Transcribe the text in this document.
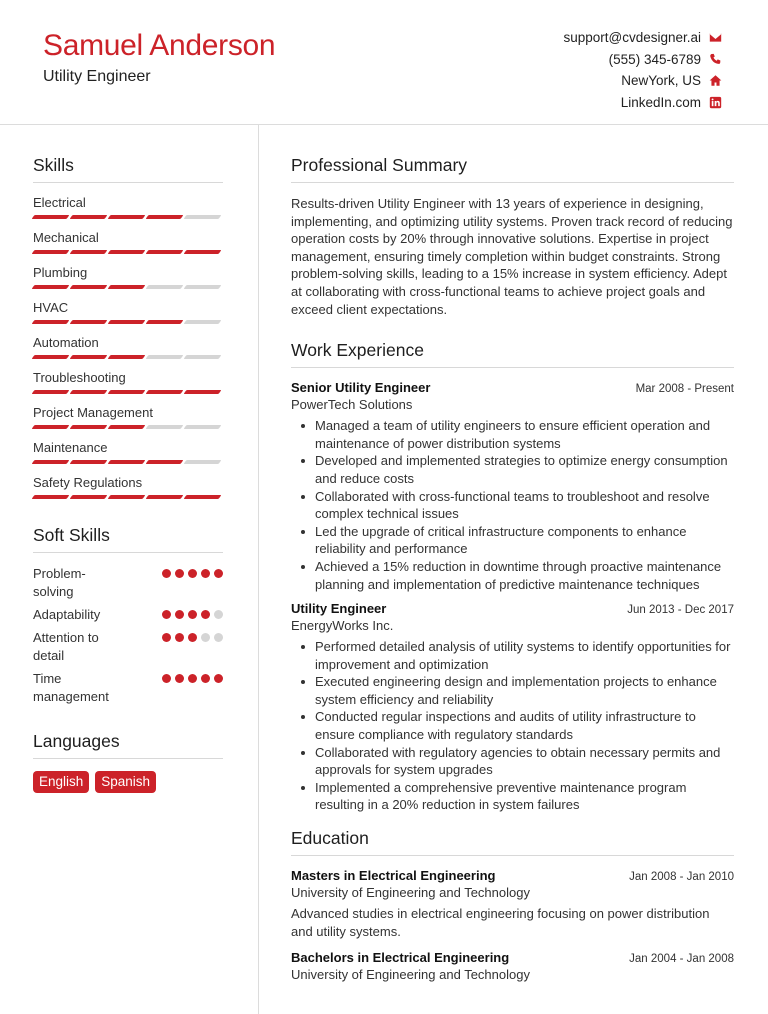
Samuel Anderson
Utility Engineer
support@cvdesigner.ai
(555) 345-6789
NewYork, US
LinkedIn.com
Skills
Electrical
Mechanical
Plumbing
HVAC
Automation
Troubleshooting
Project Management
Maintenance
Safety Regulations
Soft Skills
Problem-solving
Adaptability
Attention to detail
Time management
Languages
English	Spanish
Professional Summary

Results-driven Utility Engineer with 13 years of experience in designing, implementing, and optimizing utility systems. Proven track record of reducing operation costs by 20% through innovative solutions. Expertise in project management, ensuring timely completion within budget constraints. Strong problem-solving skills, leading to a 15% increase in system efficiency. Adept at collaborating with cross-functional teams to achieve project goals and exceed client expectations.

Work Experience
Senior Utility Engineer	Mar 2008 - Present
PowerTech Solutions
Managed a team of utility engineers to ensure efficient operation and maintenance of power distribution systems
Developed and implemented strategies to optimize energy consumption and reduce costs
Collaborated with cross-functional teams to troubleshoot and resolve complex technical issues
Led the upgrade of critical infrastructure components to enhance reliability and performance
Achieved a 15% reduction in downtime through proactive maintenance planning and implementation of predictive maintenance techniques
Utility Engineer	Jun 2013 - Dec 2017
EnergyWorks Inc.
Performed detailed analysis of utility systems to identify opportunities for improvement and optimization
Executed engineering design and implementation projects to enhance system efficiency and reliability
Conducted regular inspections and audits of utility infrastructure to ensure compliance with regulatory standards
Collaborated with regulatory agencies to obtain necessary permits and approvals for system upgrades
Implemented a comprehensive preventive maintenance program resulting in a 20% reduction in system failures
Education
Masters in Electrical Engineering	Jan 2008 - Jan 2010
University of Engineering and Technology
Advanced studies in electrical engineering focusing on power distribution and utility systems.
Bachelors in Electrical Engineering	Jan 2004 - Jan 2008
University of Engineering and Technology
